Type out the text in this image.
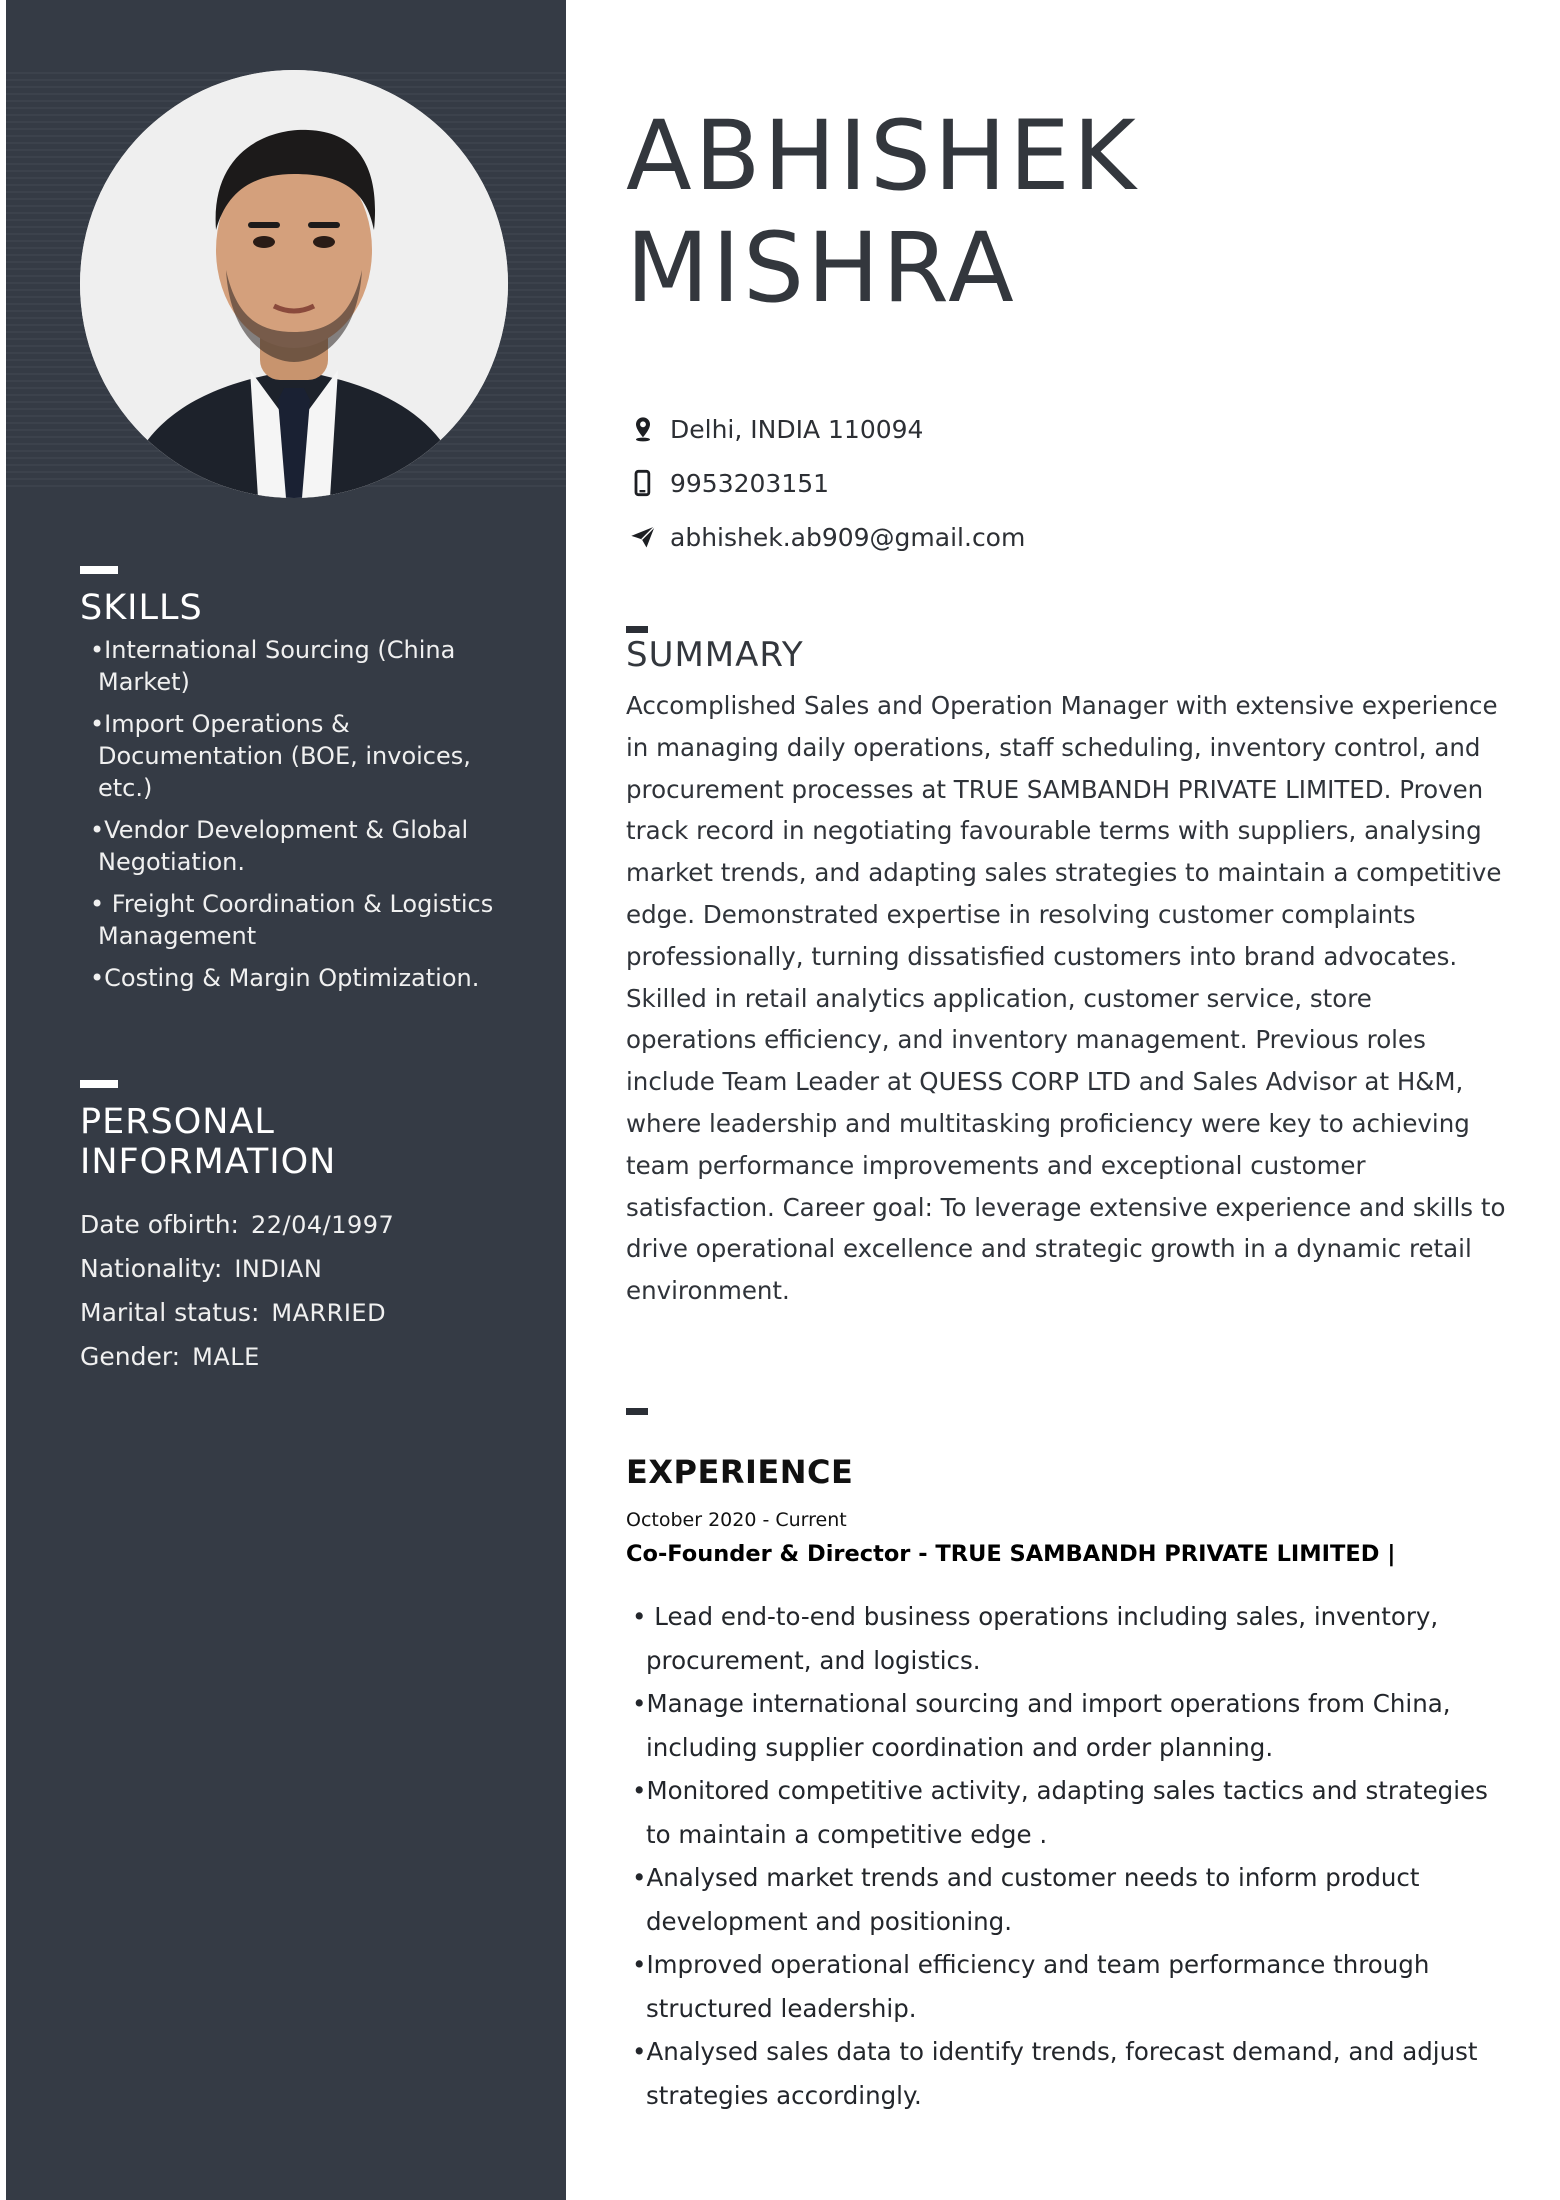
SKILLS
•International Sourcing (China Market)
•Import Operations & Documentation (BOE, invoices, etc.)
•Vendor Development & Global Negotiation.
• Freight Coordination & Logistics Management
•Costing & Margin Optimization.
PERSONAL
INFORMATION
Date ofbirth: 22/04/1997
Nationality: INDIAN
Marital status: MARRIED
Gender: MALE
ABHISHEK
MISHRA
Delhi, INDIA 110094
9953203151
abhishek.ab909@gmail.com
SUMMARY

Accomplished Sales and Operation Manager with extensive experience in managing daily operations, staff scheduling, inventory control, and procurement processes at TRUE SAMBANDH PRIVATE LIMITED. Proven track record in negotiating favourable terms with suppliers, analysing market trends, and adapting sales strategies to maintain a competitive edge. Demonstrated expertise in resolving customer complaints professionally, turning dissatisfied customers into brand advocates. Skilled in retail analytics application, customer service, store operations efficiency, and inventory management. Previous roles include Team Leader at QUESS CORP LTD and Sales Advisor at H&M, where leadership and multitasking proficiency were key to achieving team performance improvements and exceptional customer satisfaction. Career goal: To leverage extensive experience and skills to drive operational excellence and strategic growth in a dynamic retail environment.

EXPERIENCE
October 2020 - Current
Co-Founder & Director - TRUE SAMBANDH PRIVATE LIMITED |
• Lead end-to-end business operations including sales, inventory, procurement, and logistics.
•Manage international sourcing and import operations from China, including supplier coordination and order planning.
•Monitored competitive activity, adapting sales tactics and strategies to maintain a competitive edge .
•Analysed market trends and customer needs to inform product development and positioning.
•Improved operational efficiency and team performance through structured leadership.
•Analysed sales data to identify trends, forecast demand, and adjust strategies accordingly.
